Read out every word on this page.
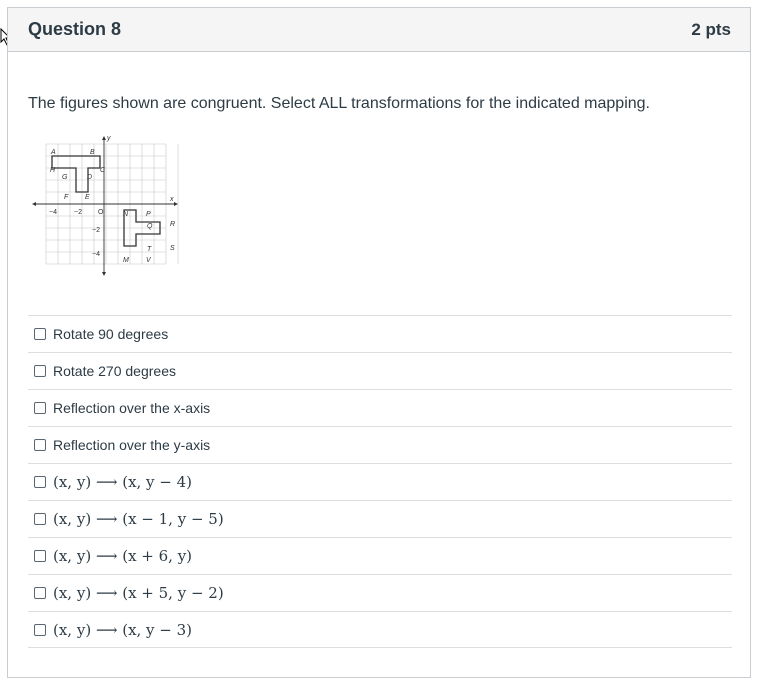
Question 8	2 pts
The figures shown are congruent. Select ALL transformations for the indicated mapping.
y
x
−4 −2 O
−2
−4
A	B
C
D
E
F
G
H
M
N	P
Q	R
S
T
V
Rotate 90 degrees
Rotate 270 degrees
Reflection over the x-axis
Reflection over the y-axis
(x, y) ⟶ (x, y − 4)
(x, y) ⟶ (x − 1, y − 5)
(x, y) ⟶ (x + 6, y)
(x, y) ⟶ (x + 5, y − 2)
(x, y) ⟶ (x, y − 3)
